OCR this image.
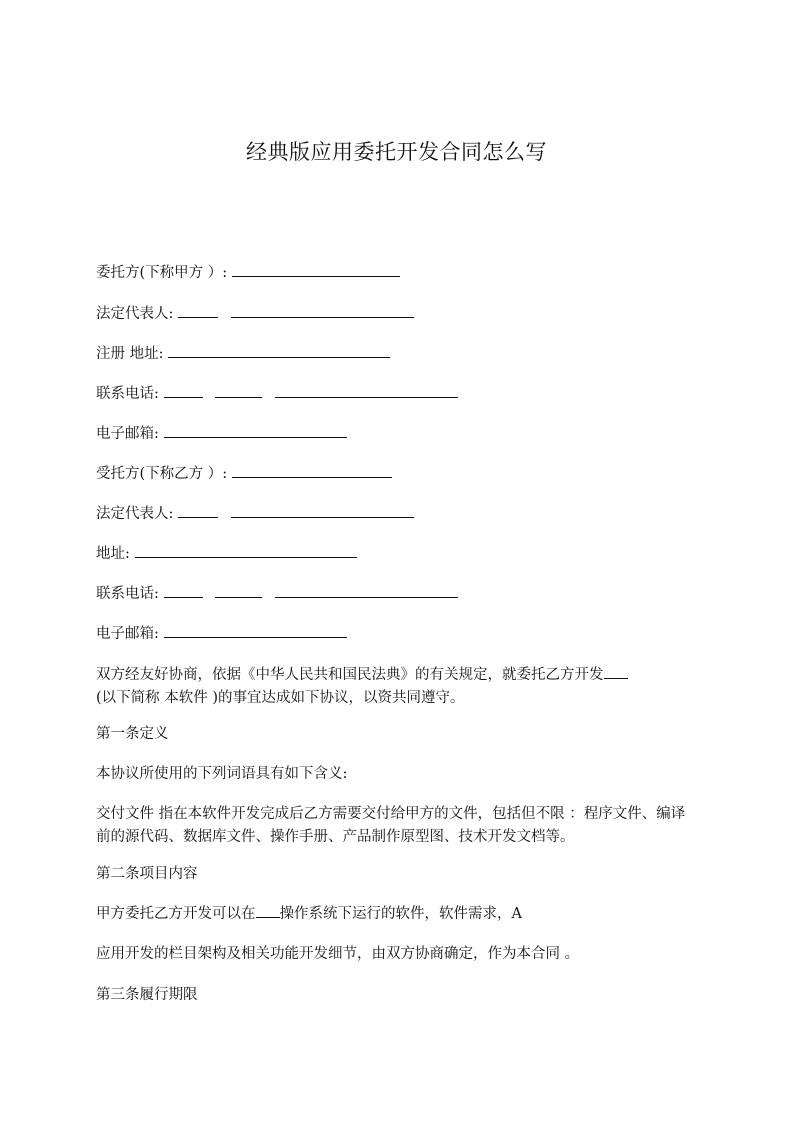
经典版应用委托开发合同怎么写
委托方(下称甲方 ）:
法定代表人:
注册 地址:
联系电话:
电子邮箱:
受托方(下称乙方 ）:
法定代表人:
地址:
联系电话:
电子邮箱:
双方经友好协商，依据《中华人民共和国民法典》的有关规定，就委托乙方开发
(以下简称 本软件 )的事宜达成如下协议，以资共同遵守。
第一条定义
本协议所使用的下列词语具有如下含义:
交付文件 指在本软件开发完成后乙方需要交付给甲方的文件，包括但不限 ：程序文件、编译前的源代码、数据库文件、操作手册、产品制作原型图、技术开发文档等。
第二条项目内容
甲方委托乙方开发可以在 操作系统下运行的软件，软件需求，A
应用开发的栏目架构及相关功能开发细节，由双方协商确定，作为本合同 。
第三条履行期限
